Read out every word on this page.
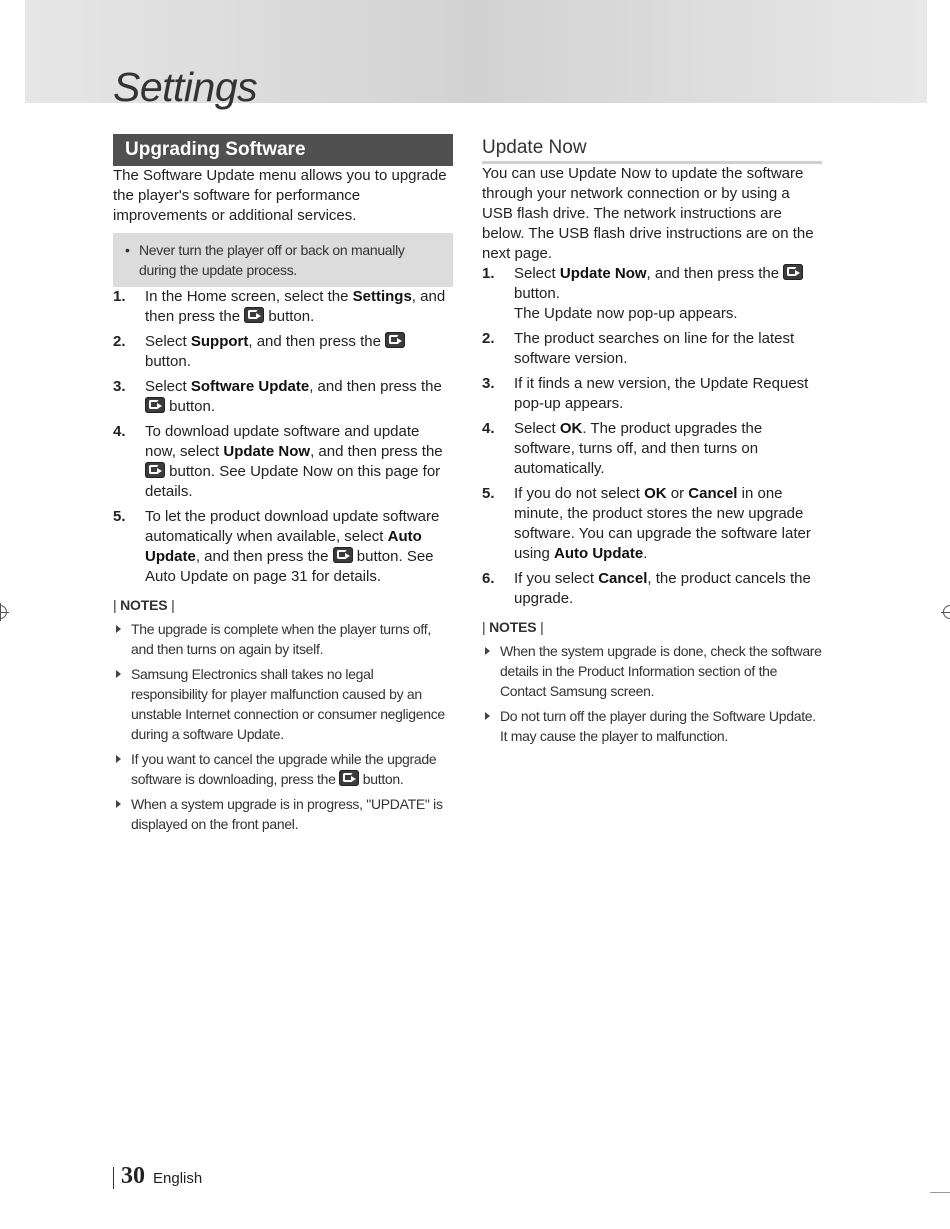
Settings
Upgrading Software

The Software Update menu allows you to upgrade the player's software for performance improvements or additional services.

• Never turn the player off or back on manually during the update process.
1. In the Home screen, select the Settings, and then press the  button.
2. Select Support, and then press the  button.
3. Select Software Update, and then press the  button.
4. To download update software and update now, select Update Now, and then press the  button. See Update Now on this page for details.
5. To let the product download update software automatically when available, select Auto Update, and then press the  button. See Auto Update on page 31 for details.
| NOTES |
The upgrade is complete when the player turns off, and then turns on again by itself.
Samsung Electronics shall takes no legal responsibility for player malfunction caused by an unstable Internet connection or consumer negligence during a software Update.
If you want to cancel the upgrade while the upgrade software is downloading, press the  button.
When a system upgrade is in progress, "UPDATE" is displayed on the front panel.
Update Now

You can use Update Now to update the software through your network connection or by using a USB flash drive. The network instructions are below. The USB flash drive instructions are on the next page.

1. Select Update Now, and then press the  button.
The Update now pop-up appears.
2. The product searches on line for the latest software version.
3. If it finds a new version, the Update Request pop-up appears.
4. Select OK. The product upgrades the software, turns off, and then turns on automatically.
5. If you do not select OK or Cancel in one minute, the product stores the new upgrade software. You can upgrade the software later using Auto Update.
6. If you select Cancel, the product cancels the upgrade.
| NOTES |
When the system upgrade is done, check the software details in the Product Information section of the Contact Samsung screen.
Do not turn off the player during the Software Update. It may cause the player to malfunction.
30 English
